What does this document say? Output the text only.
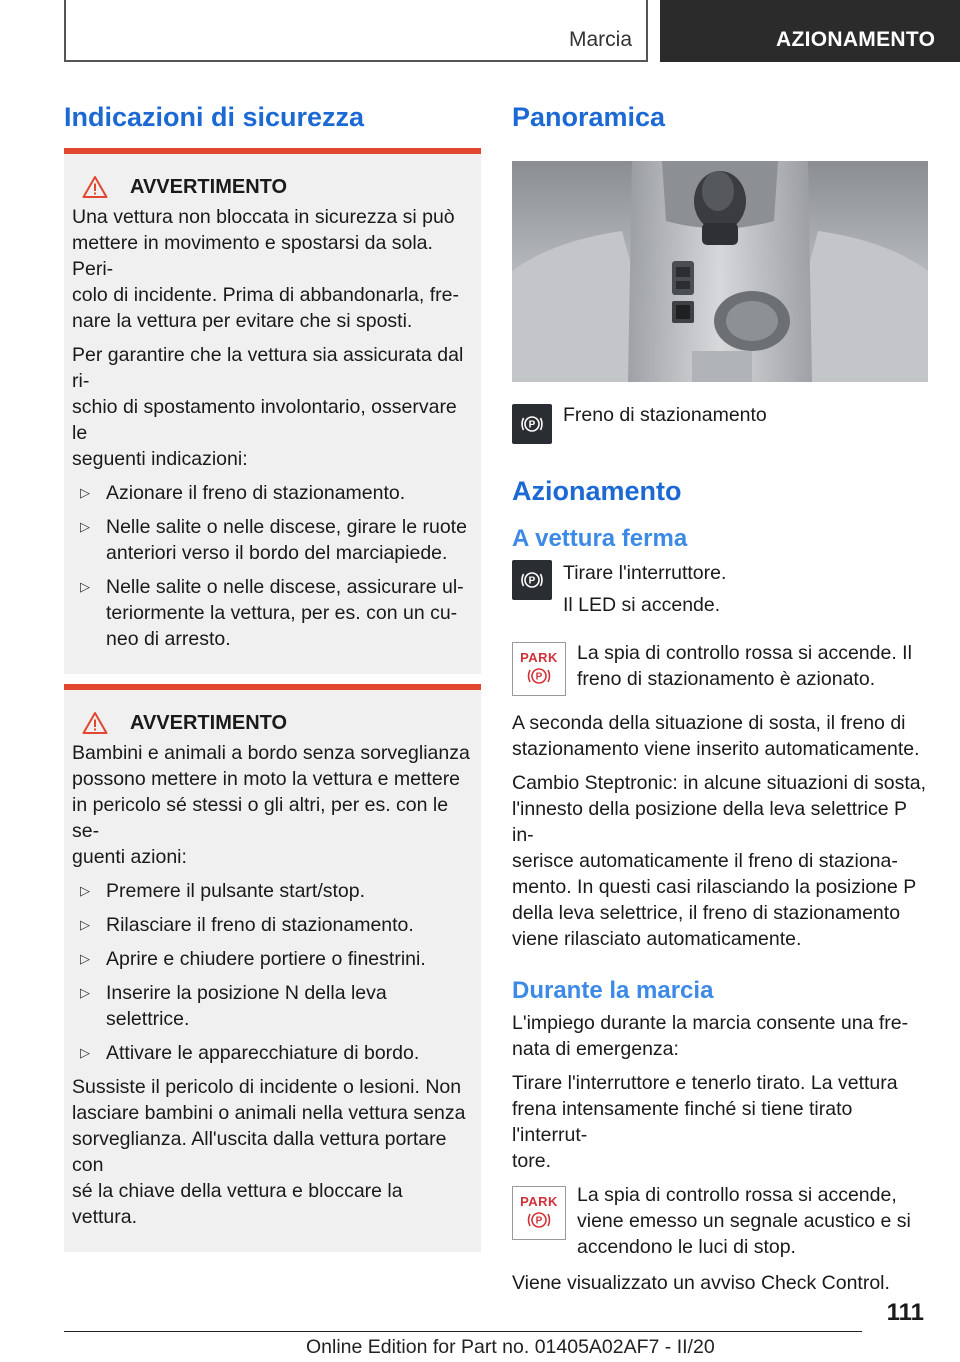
Marcia	AZIONAMENTO
Indicazioni di sicurezza
AVVERTIMENTO

Una vettura non bloccata in sicurezza si può
mettere in movimento e spostarsi da sola. Peri-
colo di incidente. Prima di abbandonarla, fre-
nare la vettura per evitare che si sposti.

Per garantire che la vettura sia assicurata dal ri-
schio di spostamento involontario, osservare le
seguenti indicazioni:

▷ Azionare il freno di stazionamento.
▷ Nelle salite o nelle discese, girare le ruote
anteriori verso il bordo del marciapiede.
▷ Nelle salite o nelle discese, assicurare ul-
teriormente la vettura, per es. con un cu-
neo di arresto.
AVVERTIMENTO

Bambini e animali a bordo senza sorveglianza
possono mettere in moto la vettura e mettere
in pericolo sé stessi o gli altri, per es. con le se-
guenti azioni:

▷ Premere il pulsante start/stop.
▷ Rilasciare il freno di stazionamento.
▷ Aprire e chiudere portiere o finestrini.
▷ Inserire la posizione N della leva selettrice.
▷ Attivare le apparecchiature di bordo.

Sussiste il pericolo di incidente o lesioni. Non
lasciare bambini o animali nella vettura senza
sorveglianza. All'uscita dalla vettura portare con
sé la chiave della vettura e bloccare la vettura.

Panoramica
P Freno di stazionamento
Azionamento
A vettura ferma
P Tirare l'interruttore.

Il LED si accende.

PARK
P

La spia di controllo rossa si accende. Il
freno di stazionamento è azionato.

A seconda della situazione di sosta, il freno di
stazionamento viene inserito automaticamente.

Cambio Steptronic: in alcune situazioni di sosta,
l'innesto della posizione della leva selettrice P in-
serisce automaticamente il freno di staziona-
mento. In questi casi rilasciando la posizione P
della leva selettrice, il freno di stazionamento
viene rilasciato automaticamente.

Durante la marcia

L'impiego durante la marcia consente una fre-
nata di emergenza:

Tirare l'interruttore e tenerlo tirato. La vettura
frena intensamente finché si tiene tirato l'interrut-
tore.

PARK
P

La spia di controllo rossa si accende,
viene emesso un segnale acustico e si
accendono le luci di stop.

Viene visualizzato un avviso Check Control.

111
Online Edition for Part no. 01405A02AF7 - II/20
